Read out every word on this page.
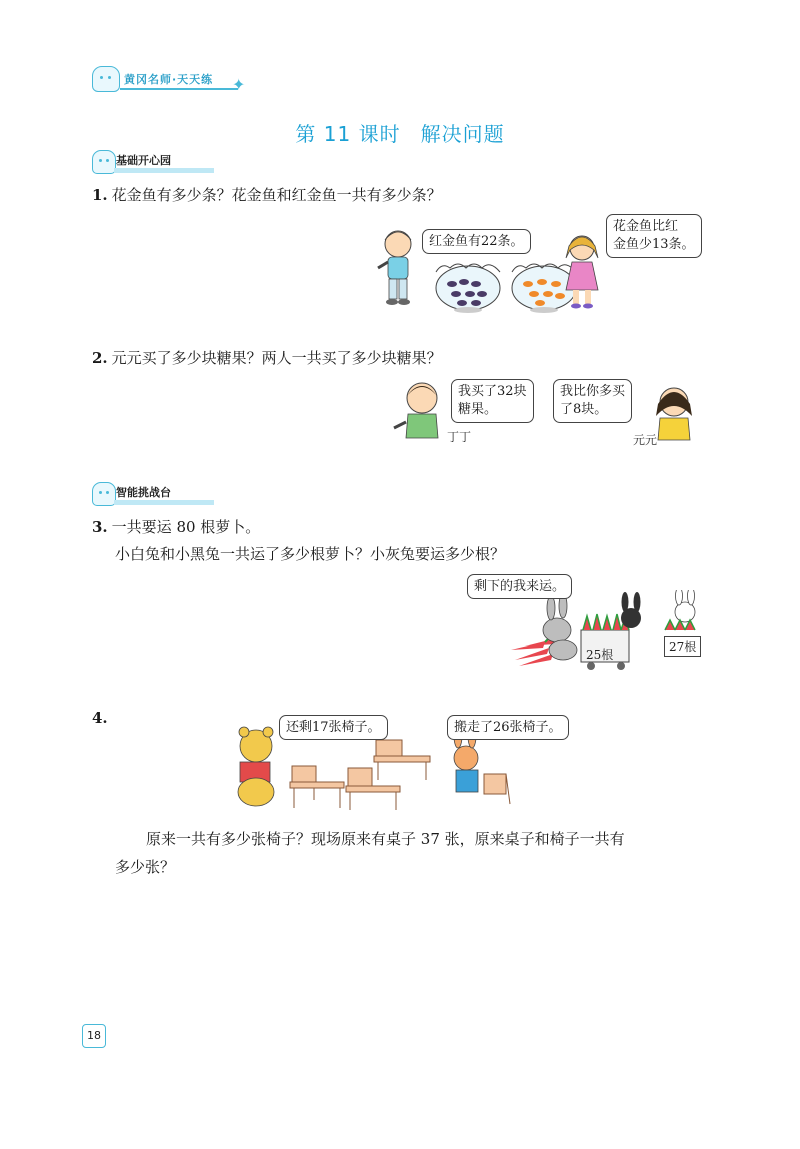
黄冈名师·天天练 ✦
第 11 课时 解决问题
基础开心园
1. 花金鱼有多少条？花金鱼和红金鱼一共有多少条？
红金鱼有22条。
花金鱼比红
金鱼少13条。
2. 元元买了多少块糖果？两人一共买了多少块糖果？
我买了32块
糖果。
我比你多买
了8块。
丁丁	元元
智能挑战台
3. 一共要运 80 根萝卜。
小白兔和小黑兔一共运了多少根萝卜？小灰兔要运多少根？
剩下的我来运。
25根
27根
4.
还剩17张椅子。	搬走了26张椅子。
原来一共有多少张椅子？现场原来有桌子 37 张，原来桌子和椅子一共有
多少张？
18
